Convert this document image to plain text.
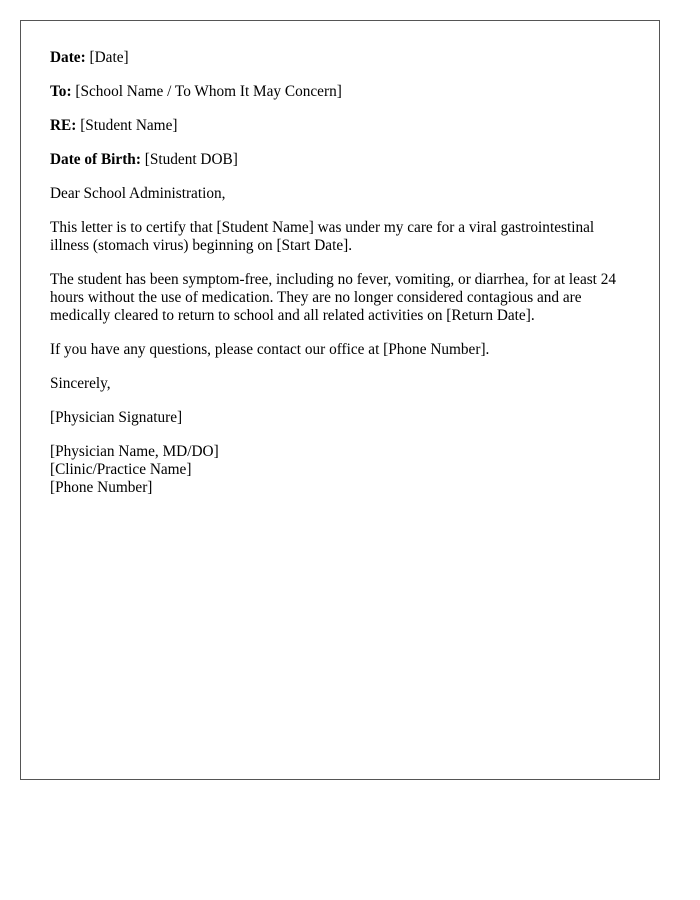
Date: [Date]

To: [School Name / To Whom It May Concern]

RE: [Student Name]

Date of Birth: [Student DOB]

Dear School Administration,

This letter is to certify that [Student Name] was under my care for a viral gastrointestinal illness (stomach virus) beginning on [Start Date].

The student has been symptom-free, including no fever, vomiting, or diarrhea, for at least 24 hours without the use of medication. They are no longer considered contagious and are medically cleared to return to school and all related activities on [Return Date].

If you have any questions, please contact our office at [Phone Number].

Sincerely,

[Physician Signature]

[Physician Name, MD/DO]
[Clinic/Practice Name]
[Phone Number]
